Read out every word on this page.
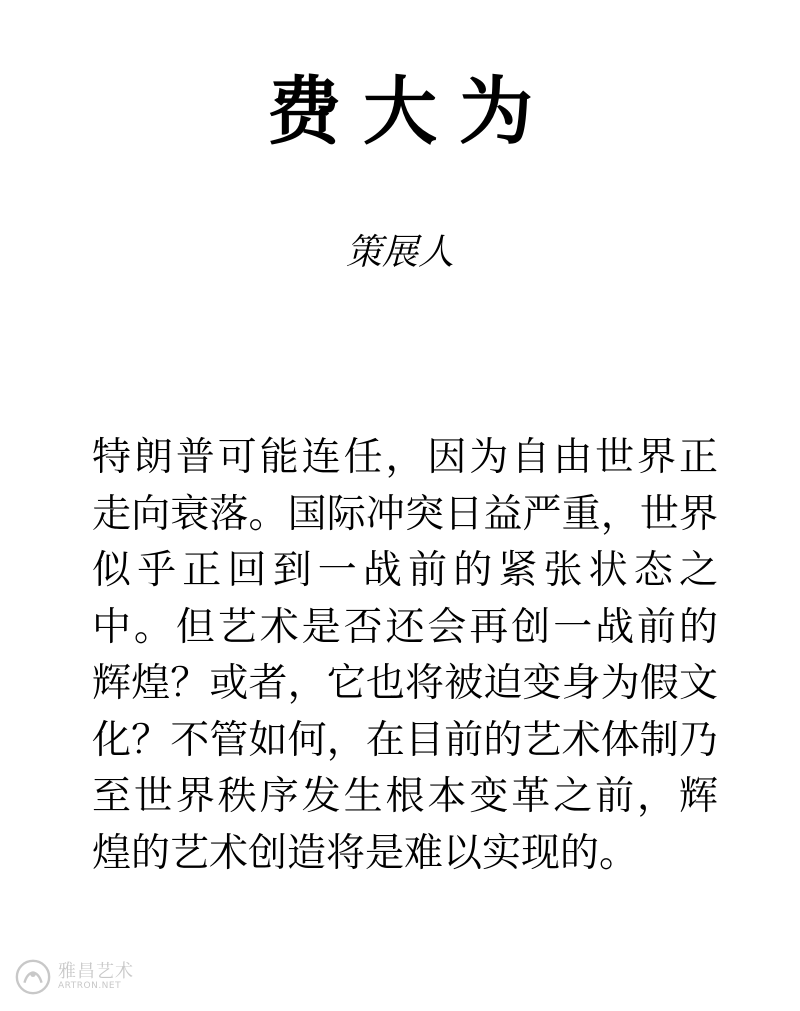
费大为

策展人

特朗普可能连任，因为自由世界正
走向衰落。国际冲突日益严重，世界
似乎正回到一战前的紧张状态之
中。但艺术是否还会再创一战前的
辉煌？或者，它也将被迫变身为假文
化？不管如何，在目前的艺术体制乃
至世界秩序发生根本变革之前，辉
煌的艺术创造将是难以实现的。
雅昌艺术
ARTRON.NET
